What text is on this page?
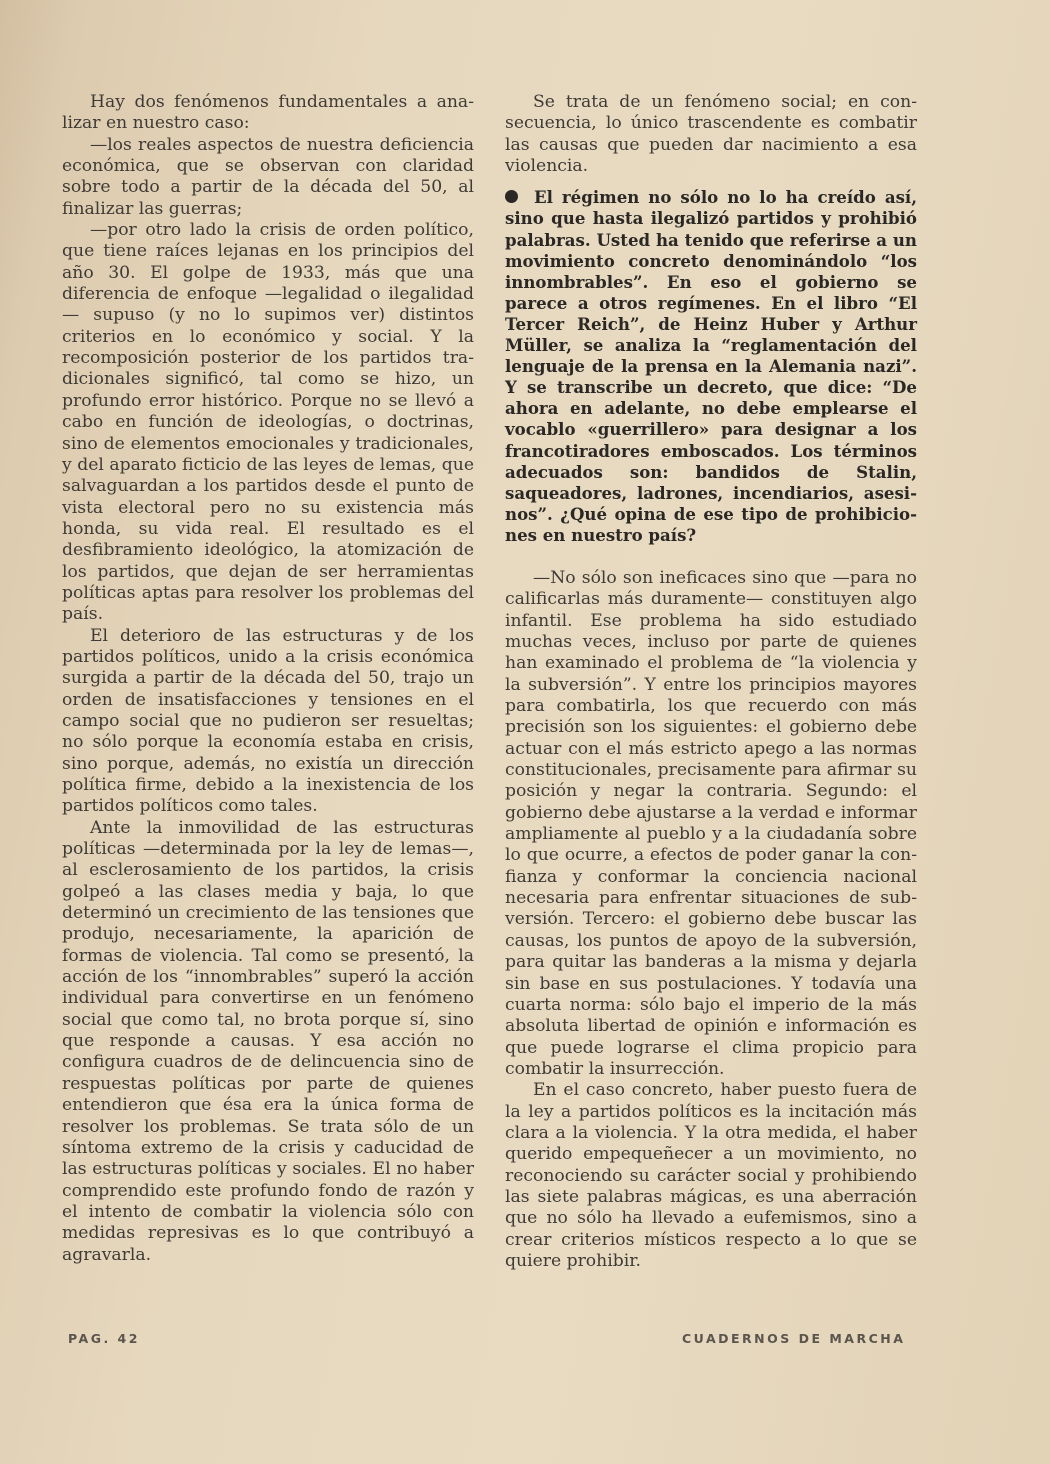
Hay dos fenómenos fundamentales a analizar en nuestro caso:

—los reales aspectos de nuestra deficiencia económica, que se observan con claridad sobre todo a partir de la década del 50, al finalizar las guerras;

—por otro lado la crisis de orden político, que tiene raíces lejanas en los principios del año 30. El golpe de 1933, más que una diferencia de enfoque —legalidad o ilegalidad— supuso (y no lo supimos ver) distintos criterios en lo económico y social. Y la recomposición posterior de los partidos tradicionales significó, tal como se hizo, un profundo error histórico. Porque no se llevó a cabo en función de ideologías, o doctrinas, sino de elementos emocionales y tradicionales, y del aparato ficticio de las leyes de lemas, que salvaguardan a los partidos desde el punto de vista electoral pero no su existencia más honda, su vida real. El resultado es el desfibramiento ideológico, la atomización de los partidos, que dejan de ser herramientas políticas aptas para resolver los problemas del país.

El deterioro de las estructuras y de los partidos políticos, unido a la crisis económica surgida a partir de la década del 50, trajo un orden de insatisfacciones y tensiones en el campo social que no pudieron ser resueltas; no sólo porque la economía estaba en crisis, sino porque, además, no existía un dirección política firme, debido a la inexistencia de los partidos políticos como tales.

Ante la inmovilidad de las estructuras políticas —determinada por la ley de lemas—, al esclerosamiento de los partidos, la crisis golpeó a las clases media y baja, lo que determinó un crecimiento de las tensiones que produjo, necesariamente, la aparición de formas de violencia. Tal como se presentó, la acción de los “innombrables” superó la acción individual para convertirse en un fenómeno social que como tal, no brota porque sí, sino que responde a causas. Y esa acción no configura cuadros de de delincuencia sino de respuestas políticas por parte de quienes entendieron que ésa era la única forma de resolver los problemas. Se trata sólo de un síntoma extremo de la crisis y caducidad de las estructuras políticas y sociales. El no haber comprendido este profundo fondo de razón y el intento de combatir la violencia sólo con medidas represivas es lo que contribuyó a agravarla.

Se trata de un fenómeno social; en consecuencia, lo único trascendente es combatir las causas que pueden dar nacimiento a esa violencia.

El régimen no sólo no lo ha creído así, sino que hasta ilegalizó partidos y prohibió palabras. Usted ha tenido que referirse a un movimiento concreto denominándolo “los innombrables”. En eso el gobierno se parece a otros regímenes. En el libro “El Tercer Reich”, de Heinz Huber y Arthur Müller, se analiza la “reglamentación del lenguaje de la prensa en la Alemania nazi”. Y se transcribe un decreto, que dice: “De ahora en adelante, no debe emplearse el vocablo «guerrillero» para designar a los francotiradores emboscados. Los términos adecuados son: bandidos de Stalin, saqueadores, ladrones, incendiarios, asesinos”. ¿Qué opina de ese tipo de prohibiciones en nuestro país?

—No sólo son ineficaces sino que —para no calificarlas más duramente— constituyen algo infantil. Ese problema ha sido estudiado muchas veces, incluso por parte de quienes han examinado el problema de “la violencia y la subversión”. Y entre los principios mayores para combatirla, los que recuerdo con más precisión son los siguientes: el gobierno debe actuar con el más estricto apego a las normas constitucionales, precisamente para afirmar su posición y negar la contraria. Segundo: el gobierno debe ajustarse a la verdad e informar ampliamente al pueblo y a la ciudadanía sobre lo que ocurre, a efectos de poder ganar la confianza y conformar la conciencia nacional necesaria para enfrentar situaciones de subversión. Tercero: el gobierno debe buscar las causas, los puntos de apoyo de la subversión, para quitar las banderas a la misma y dejarla sin base en sus postulaciones. Y todavía una cuarta norma: sólo bajo el imperio de la más absoluta libertad de opinión e información es que puede lograrse el clima propicio para combatir la insurrección.

En el caso concreto, haber puesto fuera de la ley a partidos políticos es la incitación más clara a la violencia. Y la otra medida, el haber querido empequeñecer a un movimiento, no reconociendo su carácter social y prohibiendo las siete palabras mágicas, es una aberración que no sólo ha llevado a eufemismos, sino a crear criterios místicos respecto a lo que se quiere prohibir.

PAG. 42	CUADERNOS DE MARCHA
